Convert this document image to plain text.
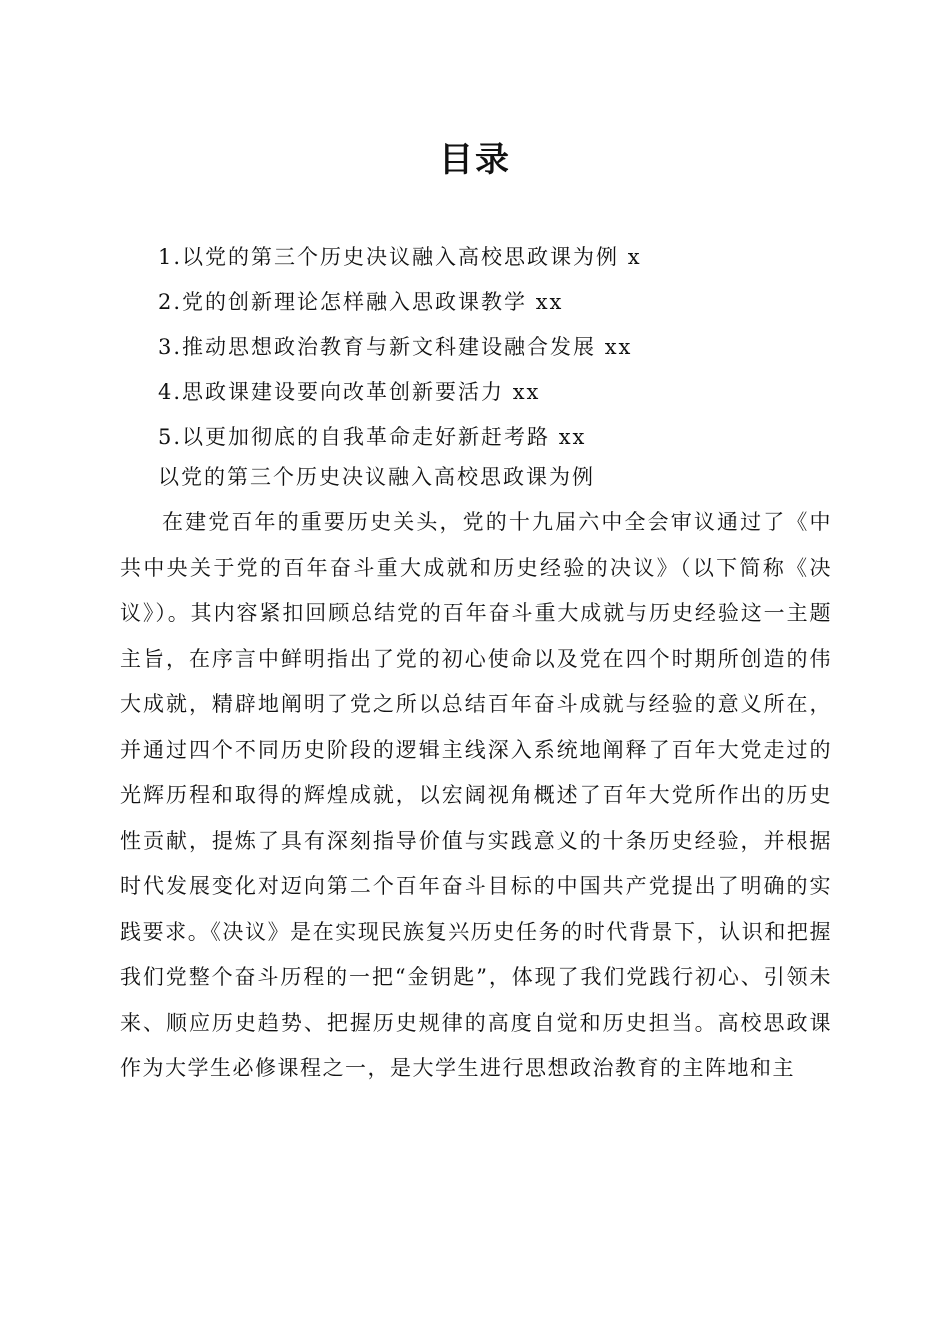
目录
1.以党的第三个历史决议融入高校思政课为例 x
2.党的创新理论怎样融入思政课教学 xx
3.推动思想政治教育与新文科建设融合发展 xx
4.思政课建设要向改革创新要活力 xx
5.以更加彻底的自我革命走好新赶考路 xx
以党的第三个历史决议融入高校思政课为例

在建党百年的重要历史关头，党的十九届六中全会审议通过了《中共中央关于党的百年奋斗重大成就和历史经验的决议》（以下简称《决议》）。其内容紧扣回顾总结党的百年奋斗重大成就与历史经验这一主题主旨，在序言中鲜明指出了党的初心使命以及党在四个时期所创造的伟大成就，精辟地阐明了党之所以总结百年奋斗成就与经验的意义所在，并通过四个不同历史阶段的逻辑主线深入系统地阐释了百年大党走过的光辉历程和取得的辉煌成就，以宏阔视角概述了百年大党所作出的历史性贡献，提炼了具有深刻指导价值与实践意义的十条历史经验，并根据时代发展变化对迈向第二个百年奋斗目标的中国共产党提出了明确的实践要求。《决议》是在实现民族复兴历史任务的时代背景下，认识和把握我们党整个奋斗历程的一把“金钥匙”，体现了我们党践行初心、引领未来、顺应历史趋势、把握历史规律的高度自觉和历史担当。高校思政课作为大学生必修课程之一，是大学生进行思想政治教育的主阵地和主
